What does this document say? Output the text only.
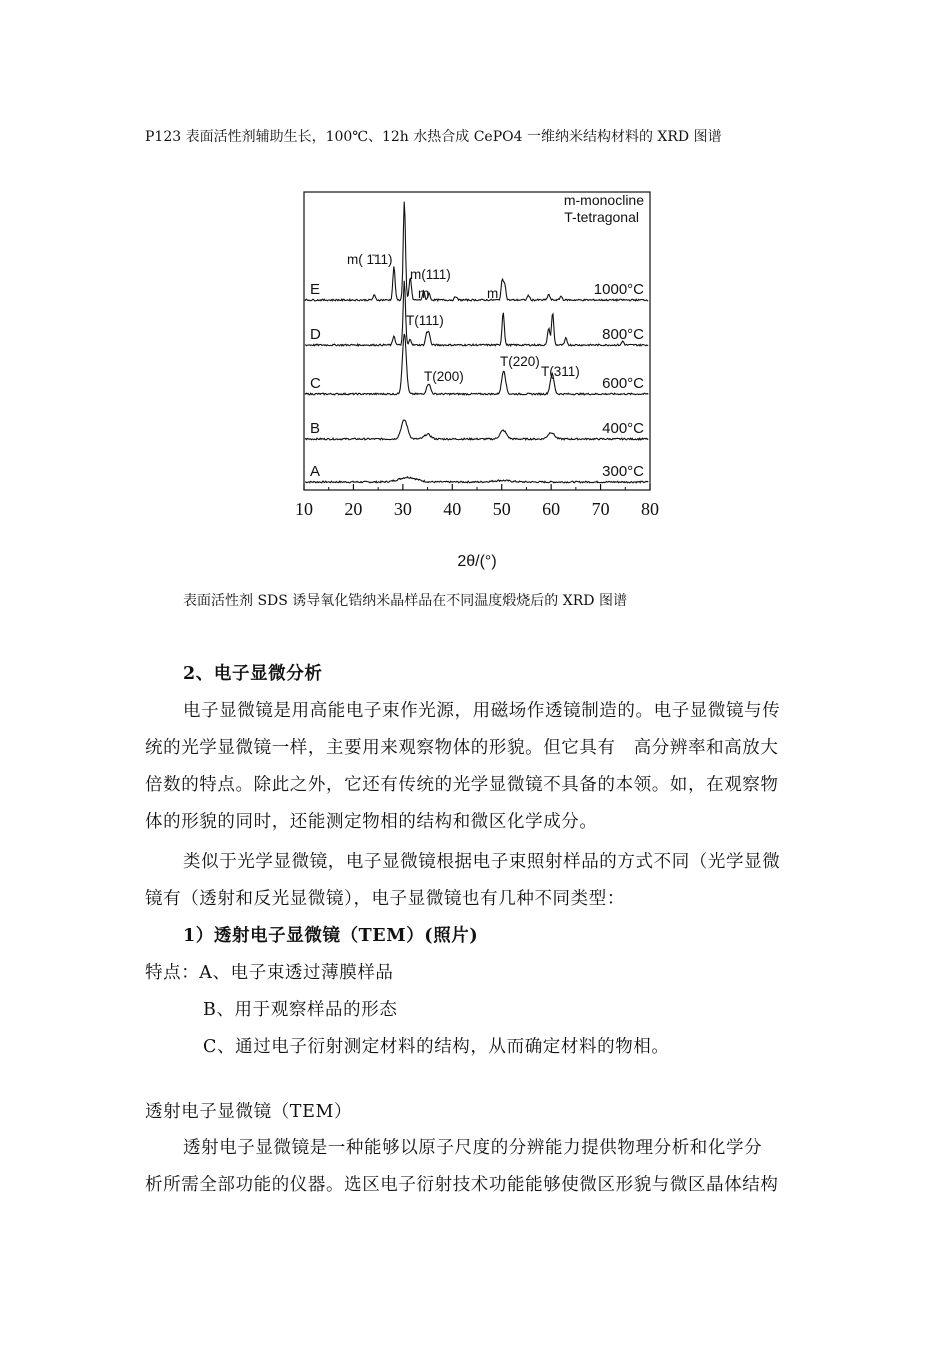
P123 表面活性剂辅助生长，100℃、12h 水热合成 CePO4 一维纳米结构材料的 XRD 图谱
10 20 30 40 50 60 70 80
A	300°C
B	400°C
C	600°C
D	800°C
E	1000°C
m-monocline
T-tetragonal
m( 1̄11)
m(111)
m	m
T(111)
T(200)
T(220)
T(311)
2θ/(°)
表面活性剂 SDS 诱导氧化锆纳米晶样品在不同温度煅烧后的 XRD 图谱
2、电子显微分析
电子显微镜是用高能电子束作光源，用磁场作透镜制造的。电子显微镜与传
统的光学显微镜一样，主要用来观察物体的形貌。但它具有　高分辨率和高放大
倍数的特点。除此之外，它还有传统的光学显微镜不具备的本领。如，在观察物
体的形貌的同时，还能测定物相的结构和微区化学成分。
类似于光学显微镜，电子显微镜根据电子束照射样品的方式不同（光学显微
镜有（透射和反光显微镜），电子显微镜也有几种不同类型：
1）透射电子显微镜（TEM）(照片)
特点：A、电子束透过薄膜样品
B、用于观察样品的形态
C、通过电子衍射测定材料的结构，从而确定材料的物相。
透射电子显微镜（TEM）
透射电子显微镜是一种能够以原子尺度的分辨能力提供物理分析和化学分
析所需全部功能的仪器。选区电子衍射技术功能能够使微区形貌与微区晶体结构
